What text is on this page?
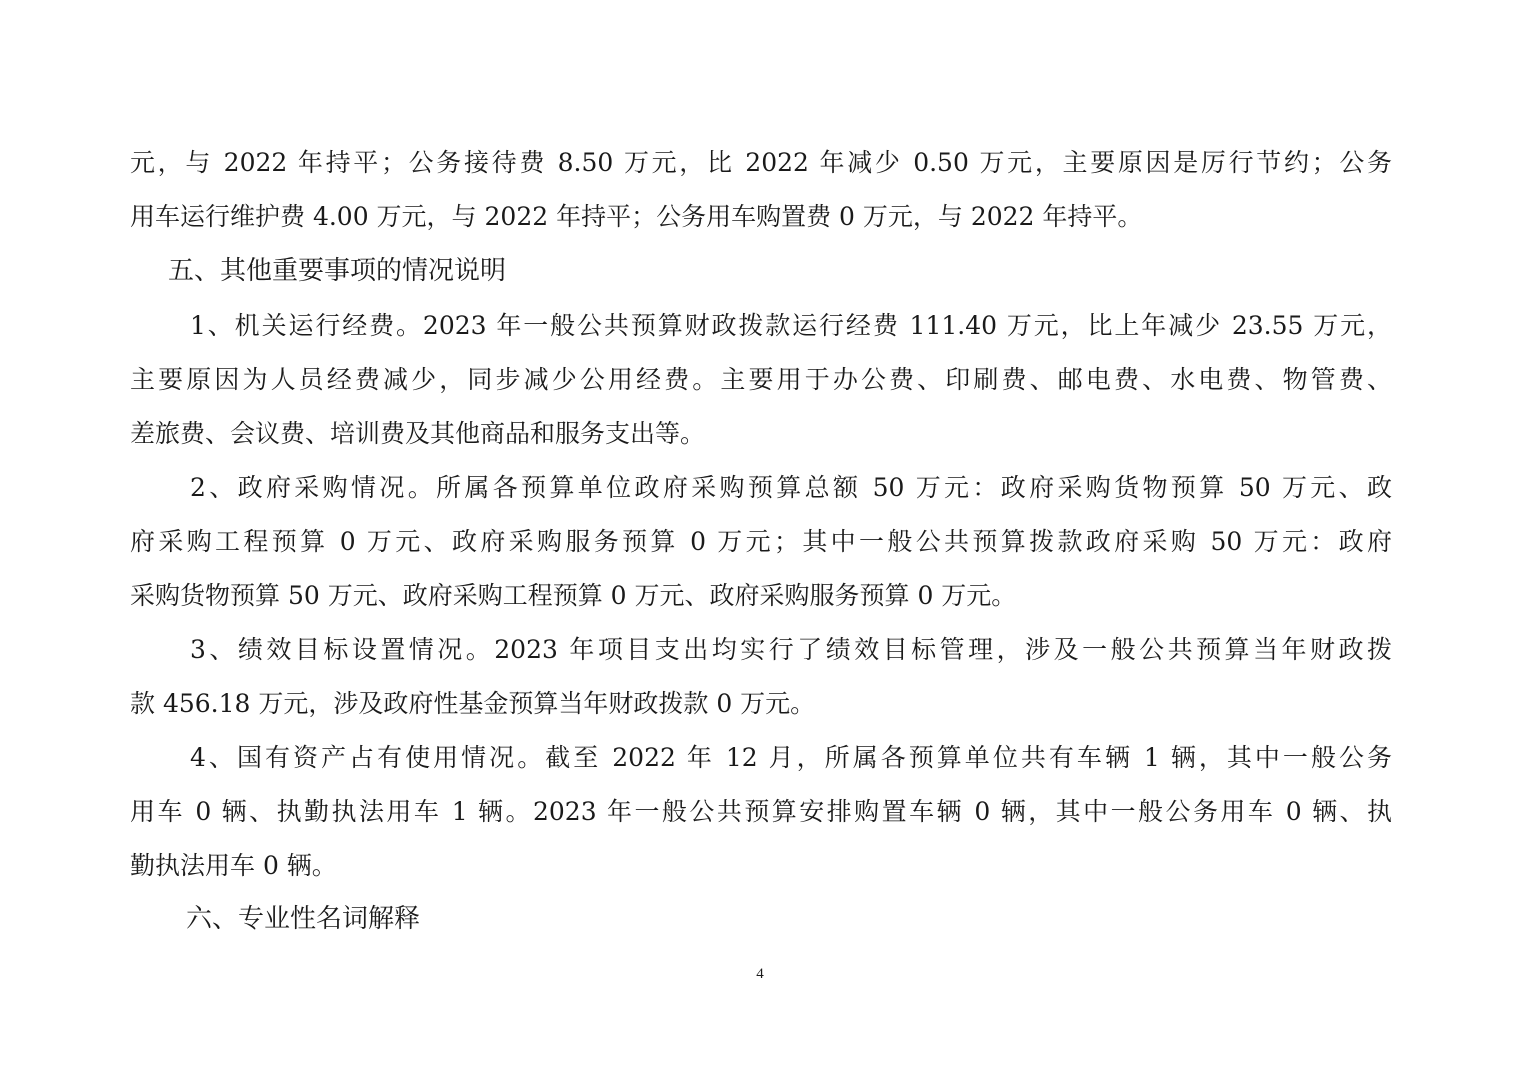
元，与 2022 年持平；公务接待费 8.50 万元，比 2022 年减少 0.50 万元，主要原因是厉行节约；公务
用车运行维护费 4.00 万元，与 2022 年持平；公务用车购置费 0 万元，与 2022 年持平。
五、其他重要事项的情况说明
1、机关运行经费。2023 年一般公共预算财政拨款运行经费 111.40 万元，比上年减少 23.55 万元，
主要原因为人员经费减少，同步减少公用经费。主要用于办公费、印刷费、邮电费、水电费、物管费、
差旅费、会议费、培训费及其他商品和服务支出等。
2、政府采购情况。所属各预算单位政府采购预算总额 50 万元：政府采购货物预算 50 万元、政
府采购工程预算 0 万元、政府采购服务预算 0 万元；其中一般公共预算拨款政府采购 50 万元：政府
采购货物预算 50 万元、政府采购工程预算 0 万元、政府采购服务预算 0 万元。
3、绩效目标设置情况。2023 年项目支出均实行了绩效目标管理，涉及一般公共预算当年财政拨
款 456.18 万元，涉及政府性基金预算当年财政拨款 0 万元。
4、国有资产占有使用情况。截至 2022 年 12 月，所属各预算单位共有车辆 1 辆，其中一般公务
用车 0 辆、执勤执法用车 1 辆。2023 年一般公共预算安排购置车辆 0 辆，其中一般公务用车 0 辆、执
勤执法用车 0 辆。
六、专业性名词解释
4
